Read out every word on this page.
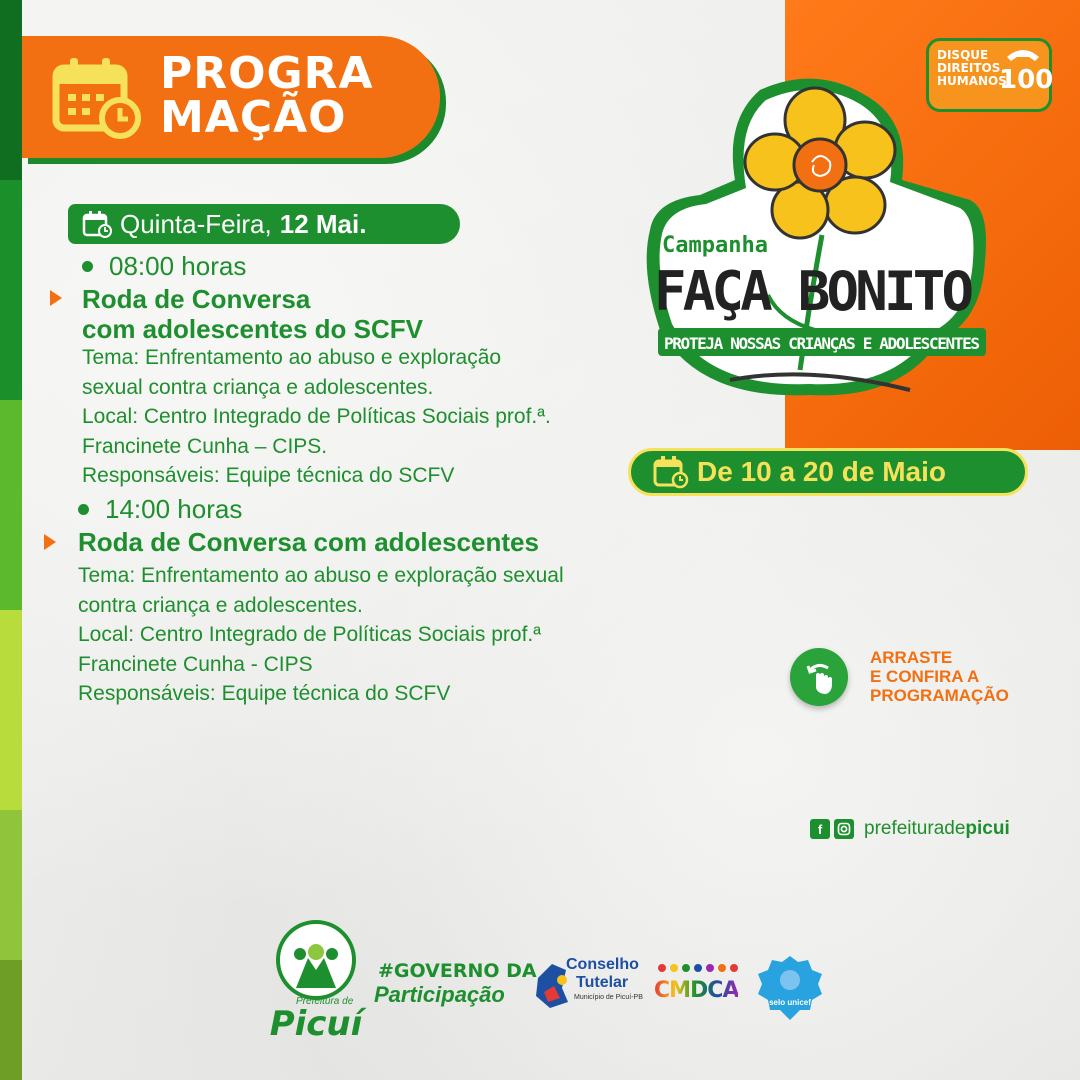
PROGRA
MAÇÃO
Quinta-Feira, 12 Mai.
08:00 horas
Roda de Conversa
com adolescentes do SCFV

Tema: Enfrentamento ao abuso e exploração

sexual contra criança e adolescentes.

Local: Centro Integrado de Políticas Sociais prof.ª.

Francinete Cunha – CIPS.

Responsáveis: Equipe técnica do SCFV

14:00 horas
Roda de Conversa com adolescentes

Tema: Enfrentamento ao abuso e exploração sexual

contra criança e adolescentes.

Local: Centro Integrado de Políticas Sociais prof.ª

Francinete Cunha - CIPS

Responsáveis: Equipe técnica do SCFV

Campanha
FAÇA BONITO
PROTEJA NOSSAS CRIANÇAS E ADOLESCENTES
De 10 a 20 de Maio
DISQUE
DIREITOS
HUMANOS
100
ARRASTE
E CONFIRA A
PROGRAMAÇÃO
f	prefeituradepicui
Prefeitura de
Picuí
#GOVERNO DA
Participação
Conselho
Tutelar
Município de Picuí-PB CMDCA	selo unicef
